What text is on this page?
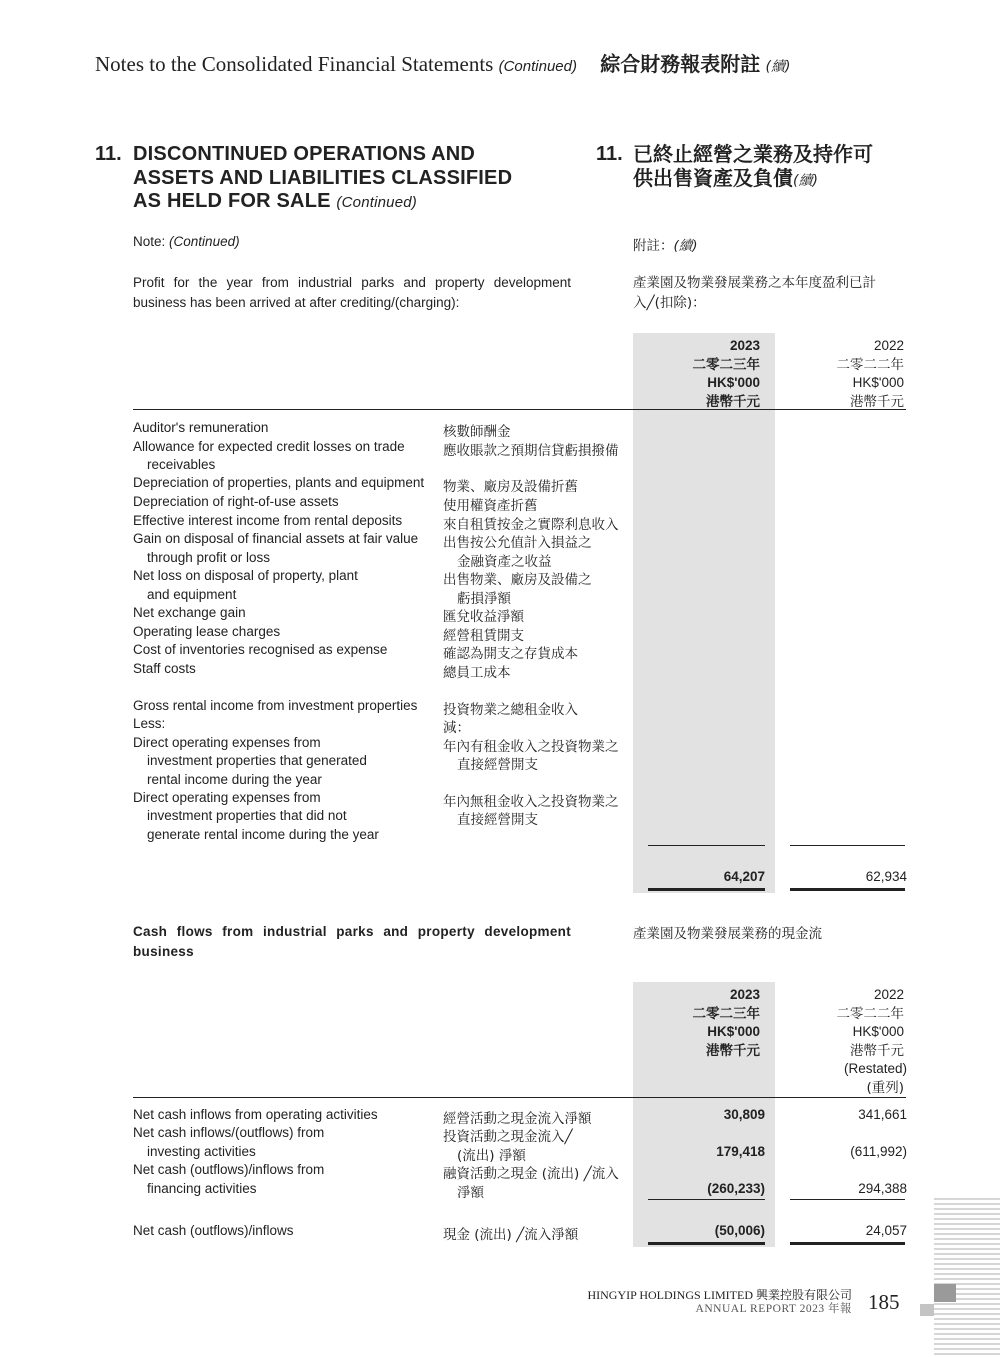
Notes to the Consolidated Financial Statements (Continued) 綜合財務報表附註 (續)
11. DISCONTINUED OPERATIONS AND
ASSETS AND LIABILITIES CLASSIFIED
AS HELD FOR SALE (Continued)
11. 已終止經營之業務及持作可
供出售資產及負債(續)
Note: (Continued)	附註：(續)
Profit for the year from industrial parks and property development
business has been arrived at after crediting/(charging):
產業園及物業發展業務之本年度盈利已計
入╱(扣除)：
2023
二零二三年
HK$'000
港幣千元
2022
二零二二年
HK$'000
港幣千元
Auditor's remuneration	核數師酬金
Allowance for expected credit losses on trade	應收賬款之預期信貸虧損撥備
receivables
Depreciation of properties, plants and equipment 物業、廠房及設備折舊
Depreciation of right-of-use assets	使用權資產折舊
Effective interest income from rental deposits	來自租賃按金之實際利息收入
Gain on disposal of financial assets at fair value 出售按公允值計入損益之
through profit or loss	金融資產之收益
Net loss on disposal of property, plant	出售物業、廠房及設備之
and equipment	虧損淨額
Net exchange gain	匯兌收益淨額
Operating lease charges	經營租賃開支
Cost of inventories recognised as expense	確認為開支之存貨成本
Staff costs	總員工成本
Gross rental income from investment properties 投資物業之總租金收入
Less:	減：
Direct operating expenses from	年內有租金收入之投資物業之
investment properties that generated	直接經營開支
rental income during the year
Direct operating expenses from	年內無租金收入之投資物業之
investment properties that did not	直接經營開支
generate rental income during the year
64,207	62,934
Cash flows from industrial parks and property development
business
產業園及物業發展業務的現金流
2023
二零二三年
HK$'000
港幣千元
2022
二零二二年
HK$'000
港幣千元
(Restated)
(重列)
Net cash inflows from operating activities	經營活動之現金流入淨額	30,809	341,661
Net cash inflows/(outflows) from	投資活動之現金流入╱
investing activities	(流出) 淨額	179,418	(611,992)
Net cash (outflows)/inflows from	融資活動之現金 (流出) ╱流入
financing activities	淨額	(260,233)	294,388
Net cash (outflows)/inflows	現金 (流出) ╱流入淨額	(50,006)	24,057
HINGYIP HOLDINGS LIMITED 興業控股有限公司
ANNUAL REPORT 2023 年報 185
